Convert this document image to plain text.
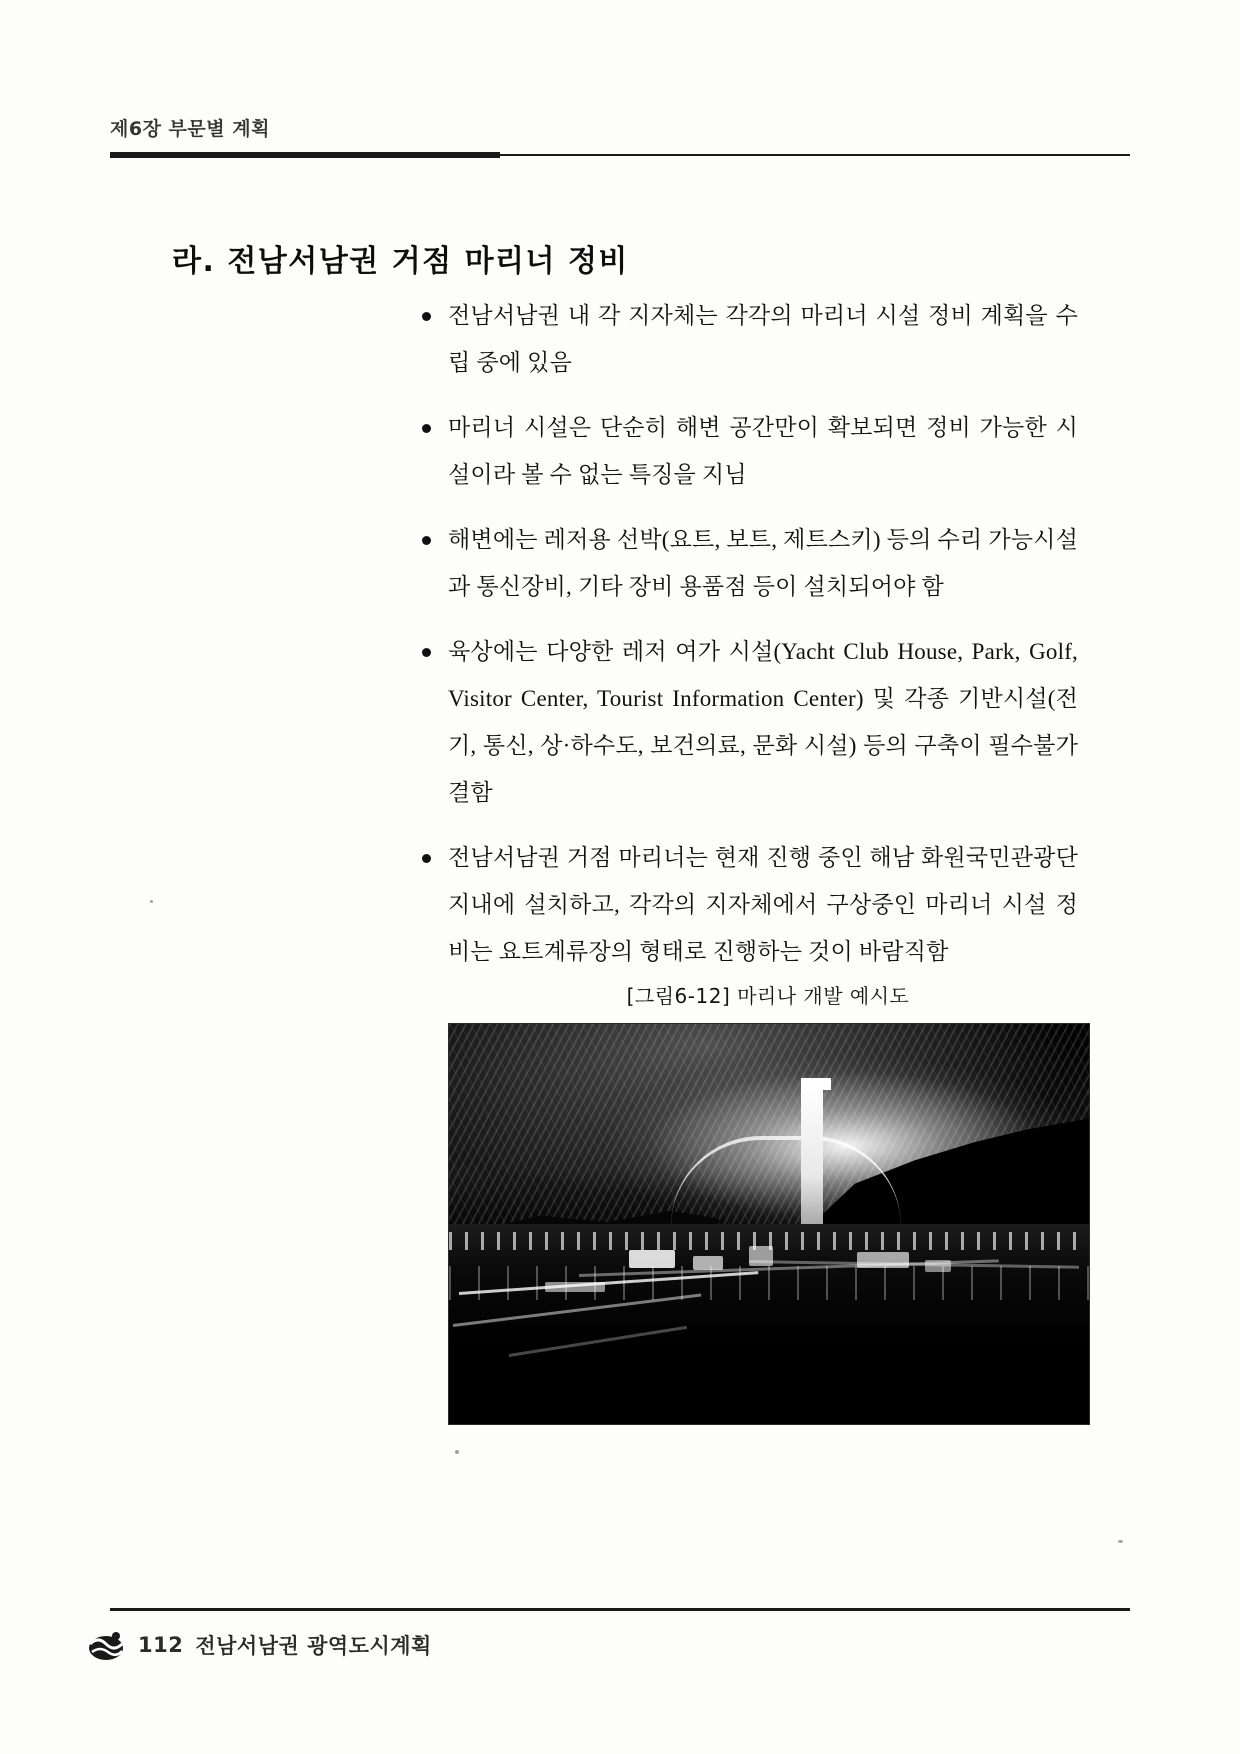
제6장 부문별 계획
라. 전남서남권 거점 마리너 정비
전남서남권 내 각 지자체는 각각의 마리너 시설 정비 계획을 수립 중에 있음
마리너 시설은 단순히 해변 공간만이 확보되면 정비 가능한 시설이라 볼 수 없는 특징을 지님
해변에는 레저용 선박(요트, 보트, 제트스키) 등의 수리 가능시설과 통신장비, 기타 장비 용품점 등이 설치되어야 함
육상에는 다양한 레저 여가 시설(Yacht Club House, Park, Golf, Visitor Center, Tourist Information Center) 및 각종 기반시설(전기, 통신, 상·하수도, 보건의료, 문화 시설) 등의 구축이 필수불가결함
전남서남권 거점 마리너는 현재 진행 중인 해남 화원국민관광단지내에 설치하고, 각각의 지자체에서 구상중인 마리너 시설 정비는 요트계류장의 형태로 진행하는 것이 바람직함
[그림6-12] 마리나 개발 예시도
112 전남서남권 광역도시계획
